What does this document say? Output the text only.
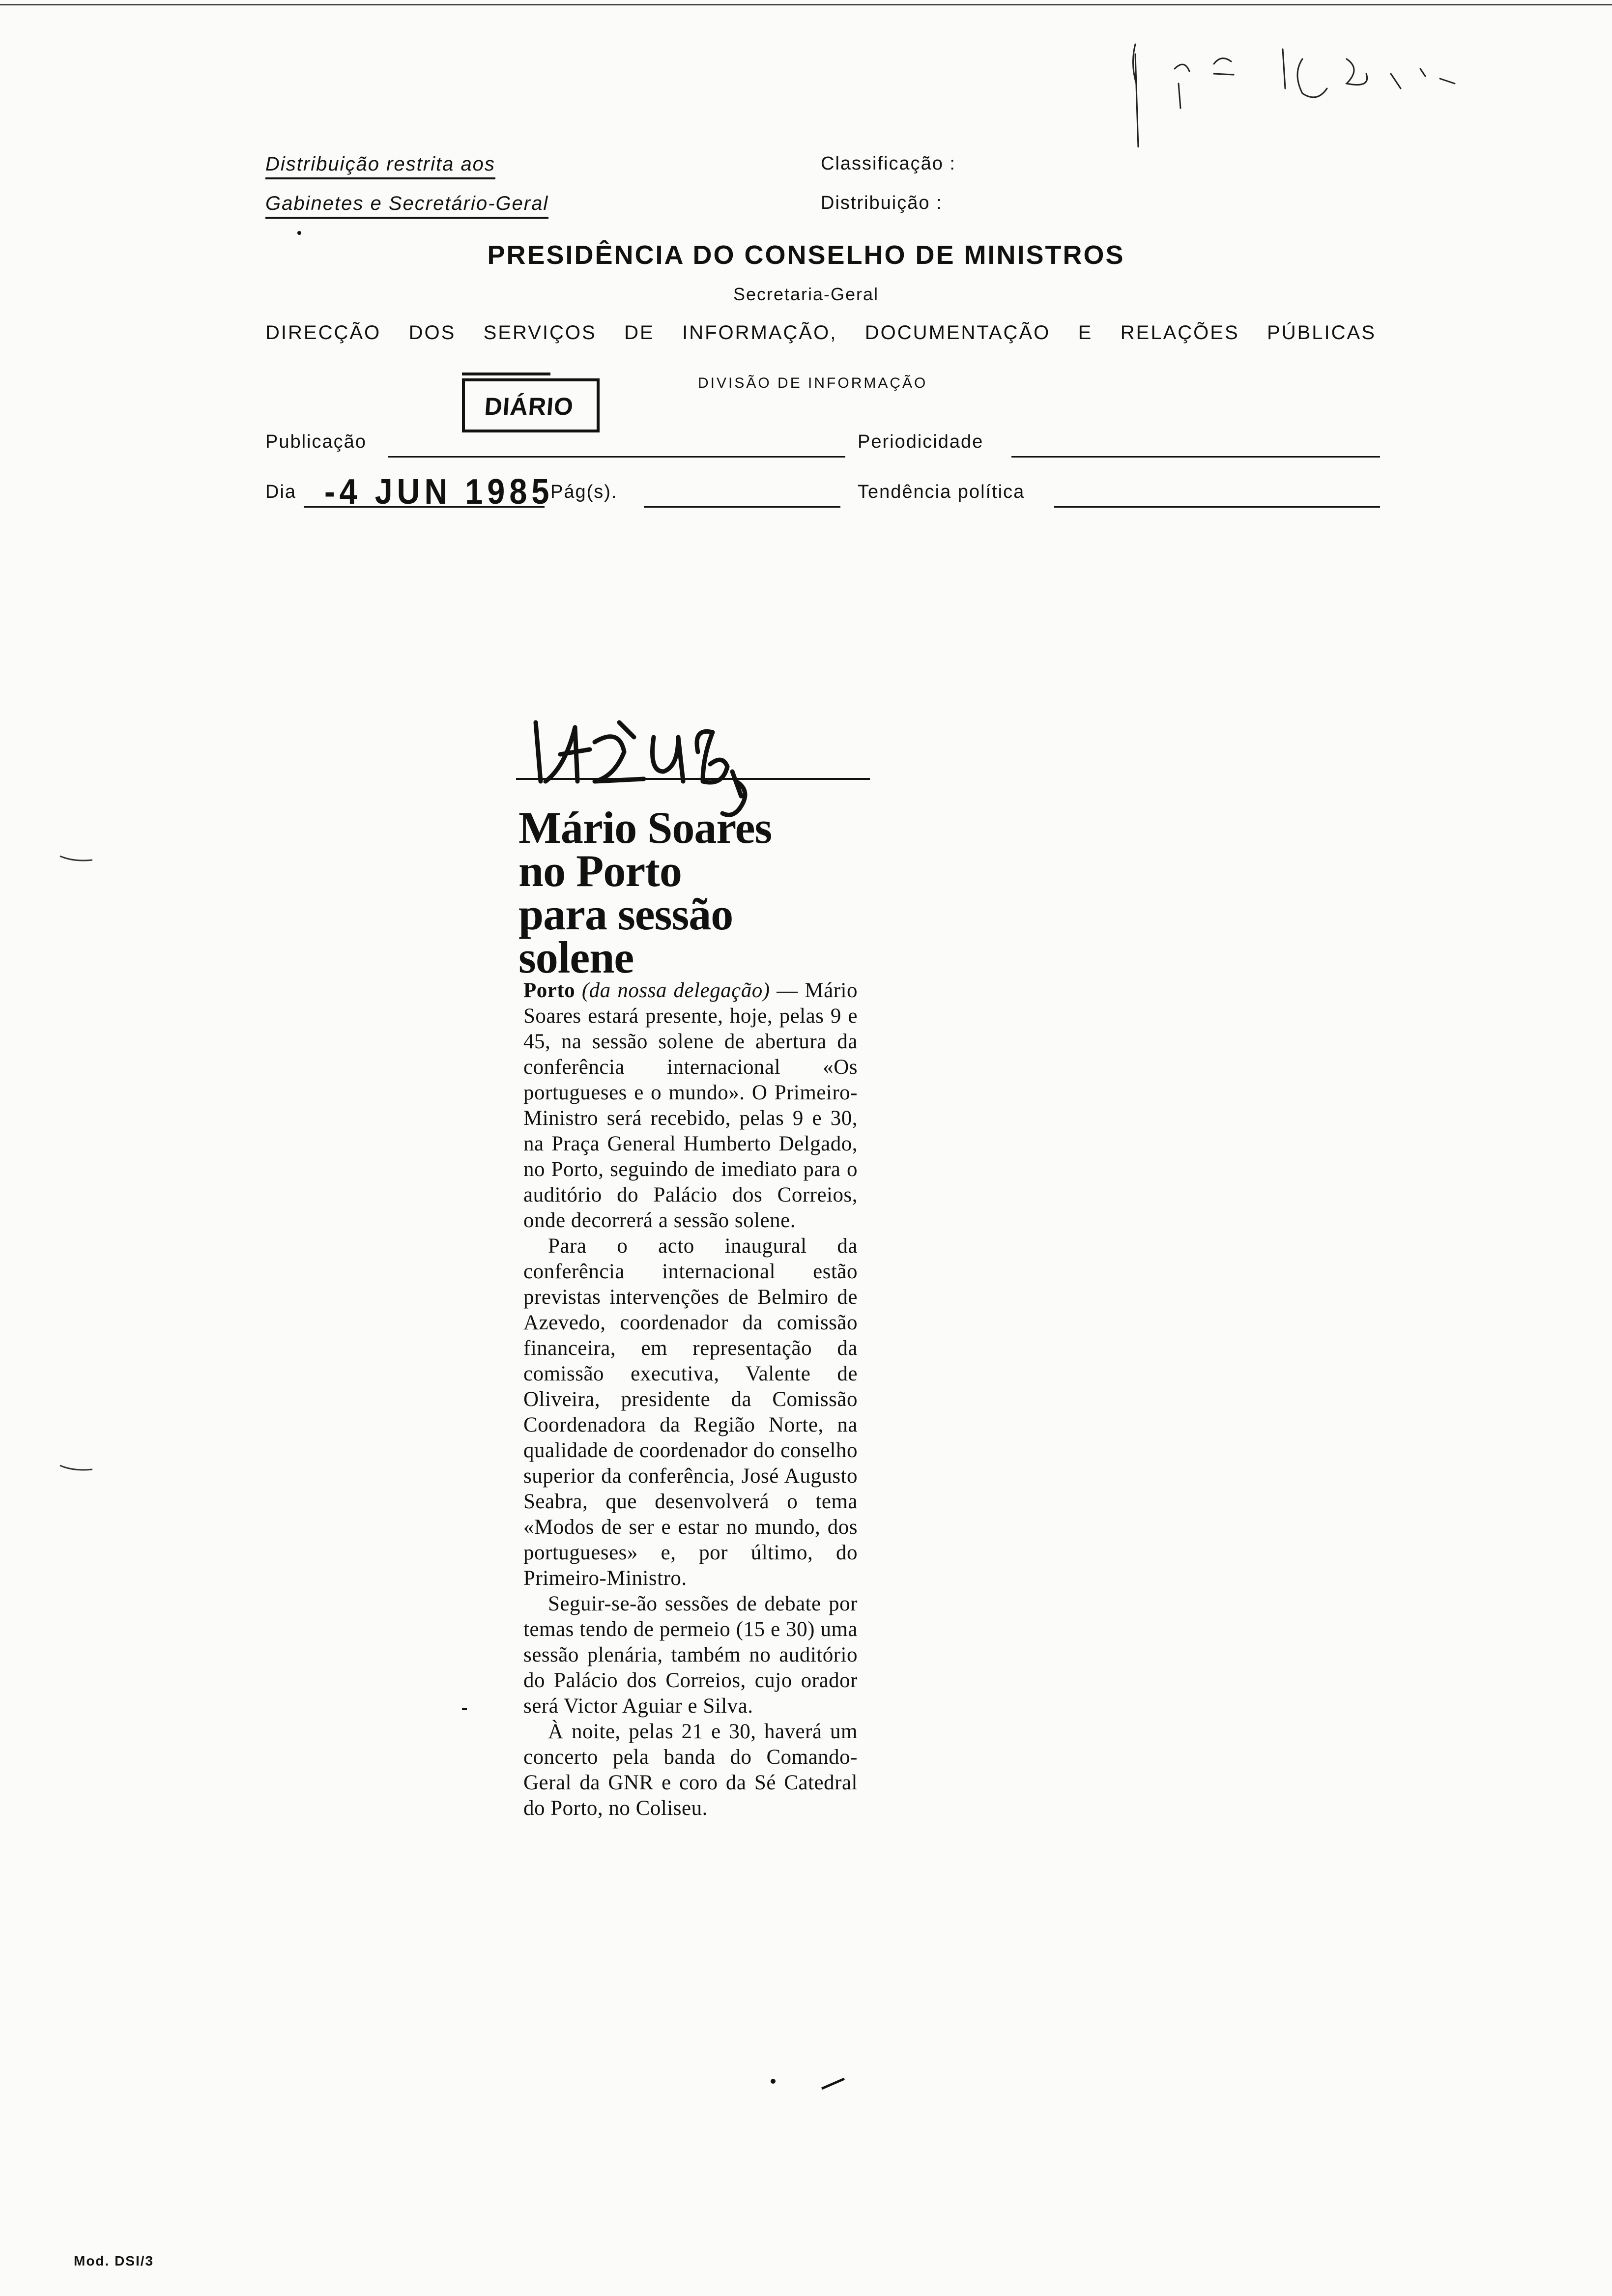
Distribuição restrita aos
Gabinetes e Secretário-Geral
Classificação :
Distribuição :
PRESIDÊNCIA DO CONSELHO DE MINISTROS
Secretaria-Geral
DIRECÇÃO DOS SERVIÇOS DE INFORMAÇÃO, DOCUMENTAÇÃO E RELAÇÕES PÚBLICAS
DIVISÃO DE INFORMAÇÃO
DIÁRIO
Publicação	Periodicidade
Dia -4 JUN 1985
Pág(s).	Tendência política
Mário Soares
no Porto
para sessão
solene

Porto (da nossa delegação) — Mário Soares estará presente, hoje, pelas 9 e 45, na sessão solene de abertura da conferência internacional «Os portugueses e o mundo». O Primeiro-Ministro será recebido, pelas 9 e 30, na Praça General Humberto Delgado, no Porto, seguindo de imediato para o auditório do Palácio dos Correios, onde decorrerá a sessão solene.

Para o acto inaugural da conferência internacional estão previstas intervenções de Belmiro de Azevedo, coordenador da comissão financeira, em representação da comissão executiva, Valente de Oliveira, presidente da Comissão Coordenadora da Região Norte, na qualidade de coordenador do conselho superior da conferência, José Augusto Seabra, que desenvolverá o tema «Modos de ser e estar no mundo, dos portugueses» e, por último, do Primeiro-Ministro.

Seguir-se-ão sessões de debate por temas tendo de permeio (15 e 30) uma sessão plenária, também no auditório do Palácio dos Correios, cujo orador será Victor Aguiar e Silva.

À noite, pelas 21 e 30, haverá um concerto pela banda do Comando-Geral da GNR e coro da Sé Catedral do Porto, no Coliseu.

Mod. DSI/3
